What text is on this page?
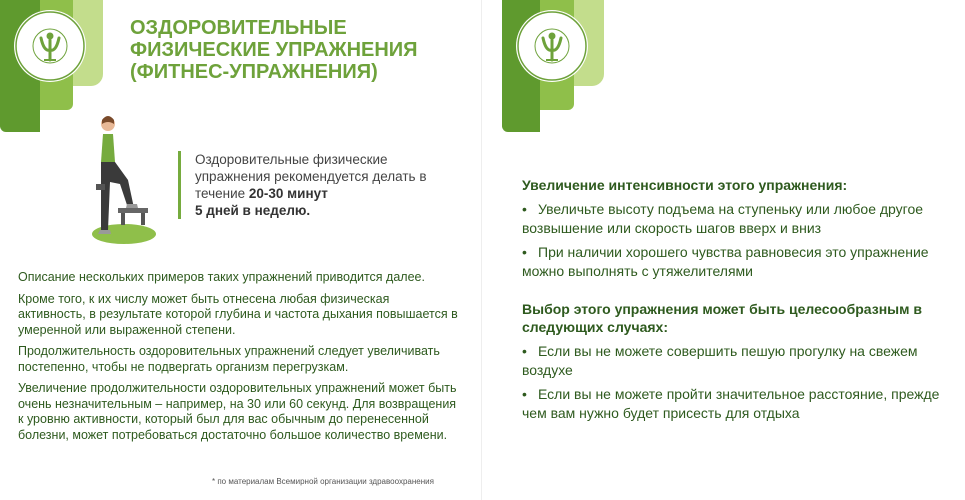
ОЗДОРОВИТЕЛЬНЫЕ
ФИЗИЧЕСКИЕ УПРАЖНЕНИЯ
(ФИТНЕС-УПРАЖНЕНИЯ)
Оздоровительные физические упражнения рекомендуется делать в течение 20-30 минут
5 дней в неделю.

Описание нескольких примеров таких упражнений приводится далее.

Кроме того, к их числу может быть отнесена любая физическая активность, в результате которой глубина и частота дыхания повышается в умеренной или выраженной степени.

Продолжительность оздоровительных упражнений следует увеличивать постепенно, чтобы не подвергать организм перегрузкам.

Увеличение продолжительности оздоровительных упражнений может быть очень незначительным – например, на 30 или 60 секунд. Для возвращения к уровню активности, который был для вас обычным до перенесенной болезни, может потребоваться достаточно большое количество времени.

* по материалам Всемирной организации здравоохранения
Увеличение интенсивности этого упражнения:
• Увеличьте высоту подъема на ступеньку или любое другое возвышение или скорость шагов вверх и вниз
• При наличии хорошего чувства равновесия это упражнение можно выполнять с утяжелителями
Выбор этого упражнения может быть целесообразным в следующих случаях:
• Если вы не можете совершить пешую прогулку на свежем воздухе
• Если вы не можете пройти значительное расстояние, прежде чем вам нужно будет присесть для отдыха
